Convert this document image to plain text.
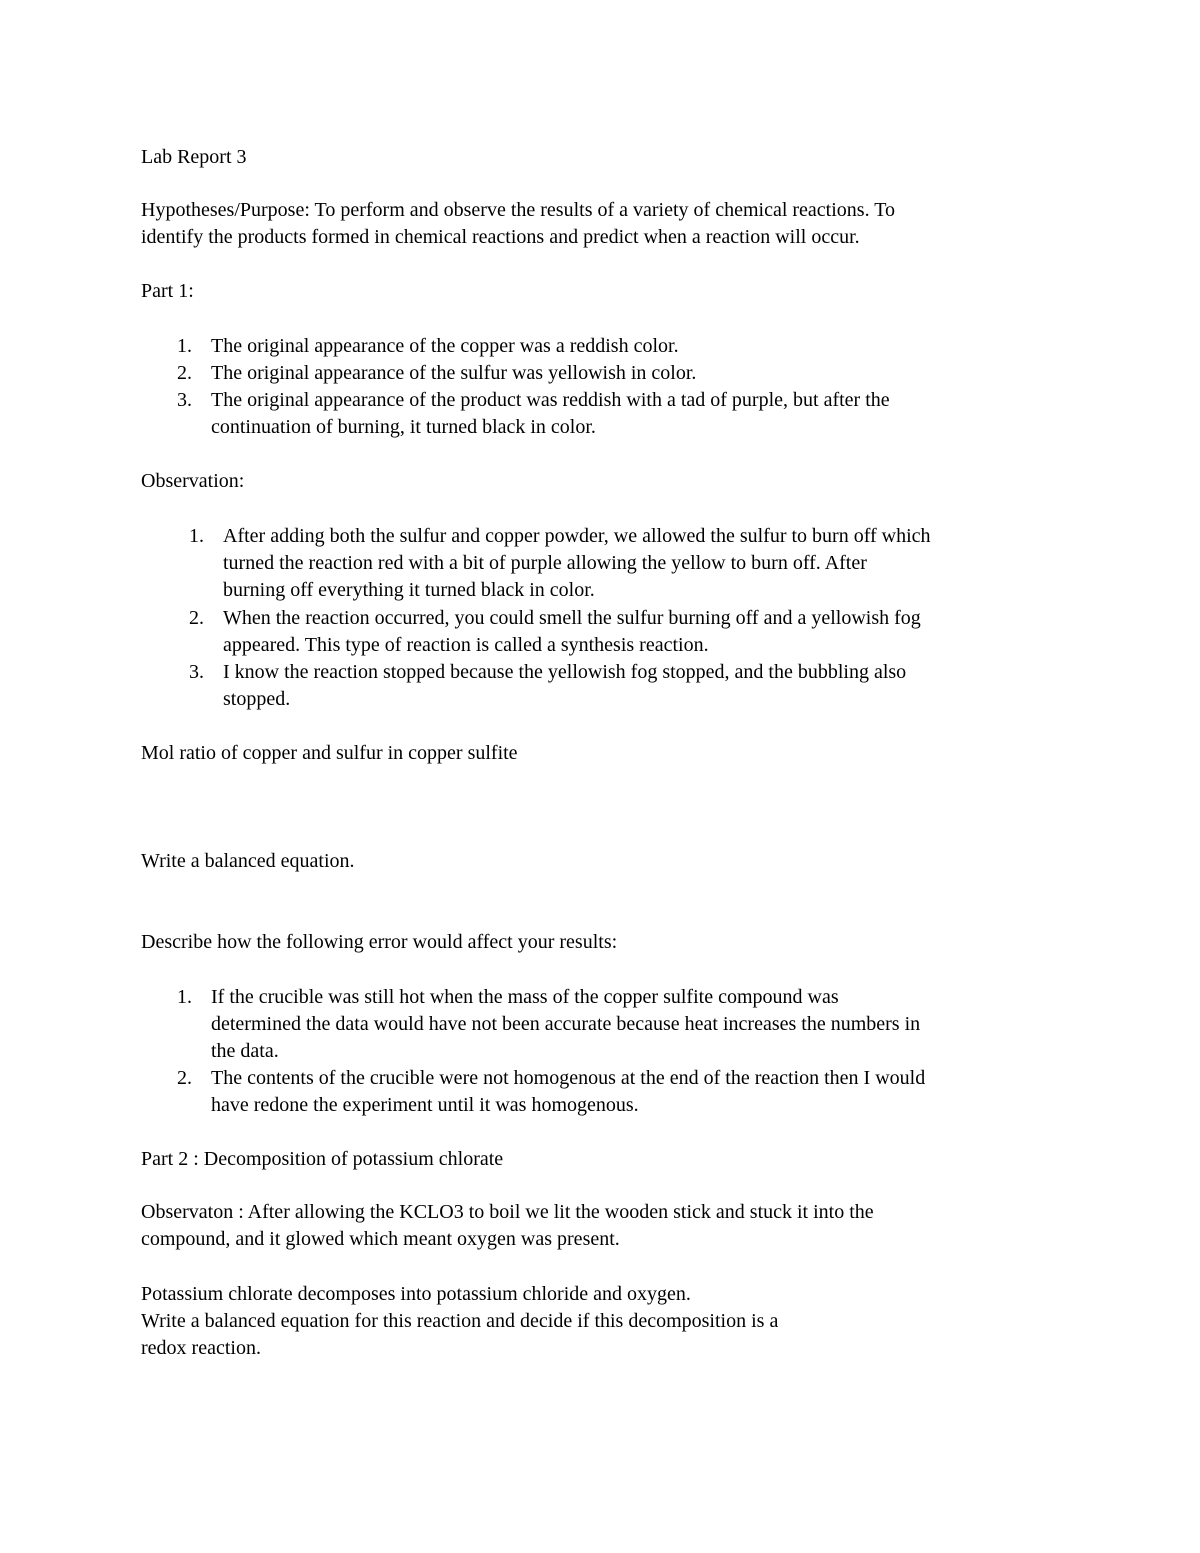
Lab Report 3

Hypotheses/Purpose: To perform and observe the results of a variety of chemical reactions. To

identify the products formed in chemical reactions and predict when a reaction will occur.

Part 1:

1. The original appearance of the copper was a reddish color.
2. The original appearance of the sulfur was yellowish in color.
3. The original appearance of the product was reddish with a tad of purple, but after the
continuation of burning, it turned black in color.

Observation:

1. After adding both the sulfur and copper powder, we allowed the sulfur to burn off which
turned the reaction red with a bit of purple allowing the yellow to burn off. After
burning off everything it turned black in color.
2. When the reaction occurred, you could smell the sulfur burning off and a yellowish fog
appeared. This type of reaction is called a synthesis reaction.
3. I know the reaction stopped because the yellowish fog stopped, and the bubbling also
stopped.

Mol ratio of copper and sulfur in copper sulfite

Write a balanced equation.

Describe how the following error would affect your results:

1. If the crucible was still hot when the mass of the copper sulfite compound was
determined the data would have not been accurate because heat increases the numbers in
the data.
2. The contents of the crucible were not homogenous at the end of the reaction then I would
have redone the experiment until it was homogenous.

Part 2 : Decomposition of potassium chlorate

Observaton : After allowing the KCLO3 to boil we lit the wooden stick and stuck it into the

compound, and it glowed which meant oxygen was present.

Potassium chlorate decomposes into potassium chloride and oxygen.

Write a balanced equation for this reaction and decide if this decomposition is a

redox reaction.
